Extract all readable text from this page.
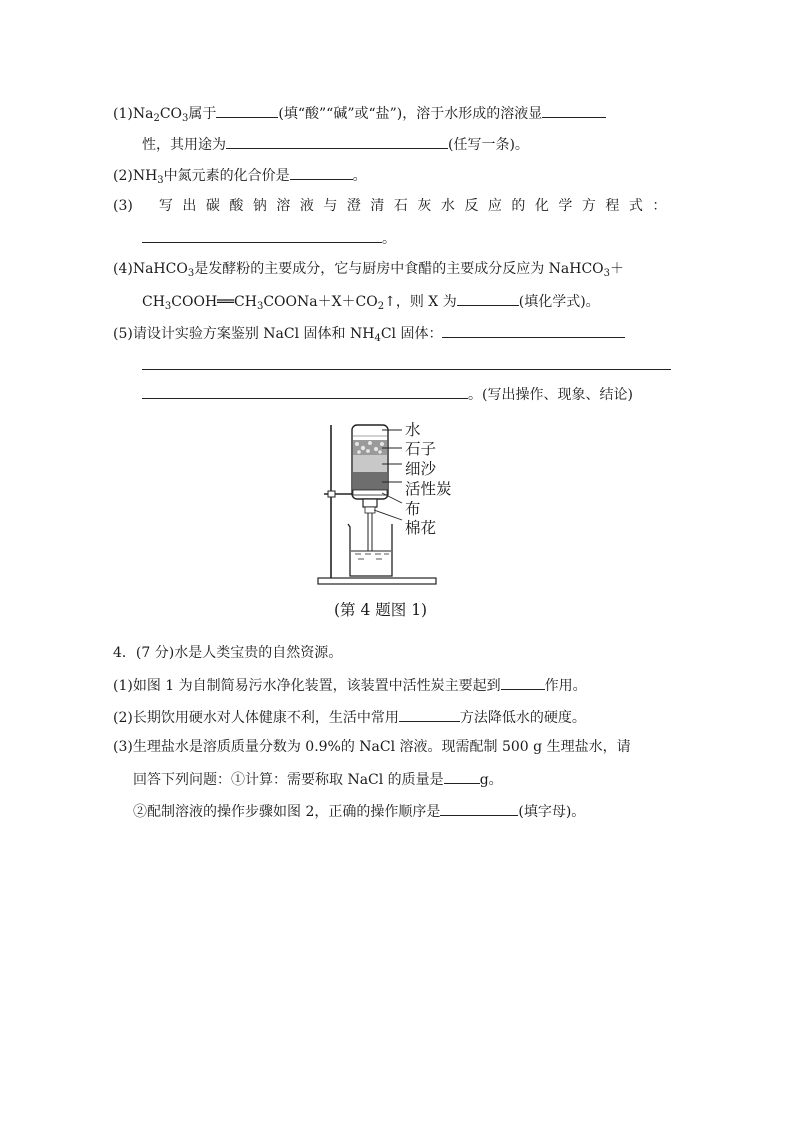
$(1)Na_2CO_3$属于	(填“酸”“碱”或“盐”)，溶于水形成的溶液显
性，其用途为	(任写一条)。
$(2)NH_3$中氮元素的化合价是	。
(3) 写出碳酸钠溶液与澄清石灰水反应的化学方程式：
。
(4)NaHCO$_3$是发酵粉的主要成分，它与厨房中食醋的主要成分反应为 NaHCO$_3$＋
$CH_3COOH══CH_3COONa+X+CO_2↑$，则 X 为	(填化学式)。
(5)请设计实验方案鉴别 NaCl 固体和 $NH_4Cl$ 固体：
。(写出操作、现象、结论)
水
石子
细沙
活性炭
布
棉花
(第 4 题图 1)
4．(7 分)水是人类宝贵的自然资源。
(1)如图 1 为自制简易污水净化装置，该装置中活性炭主要起到	作用。
(2)长期饮用硬水对人体健康不利，生活中常用	方法降低水的硬度。
(3)生理盐水是溶质质量分数为 0.9%的 NaCl 溶液。现需配制 500 g 生理盐水，请
回答下列问题：①计算：需要称取 NaCl 的质量是	g。
②配制溶液的操作步骤如图 2，正确的操作顺序是	(填字母)。
